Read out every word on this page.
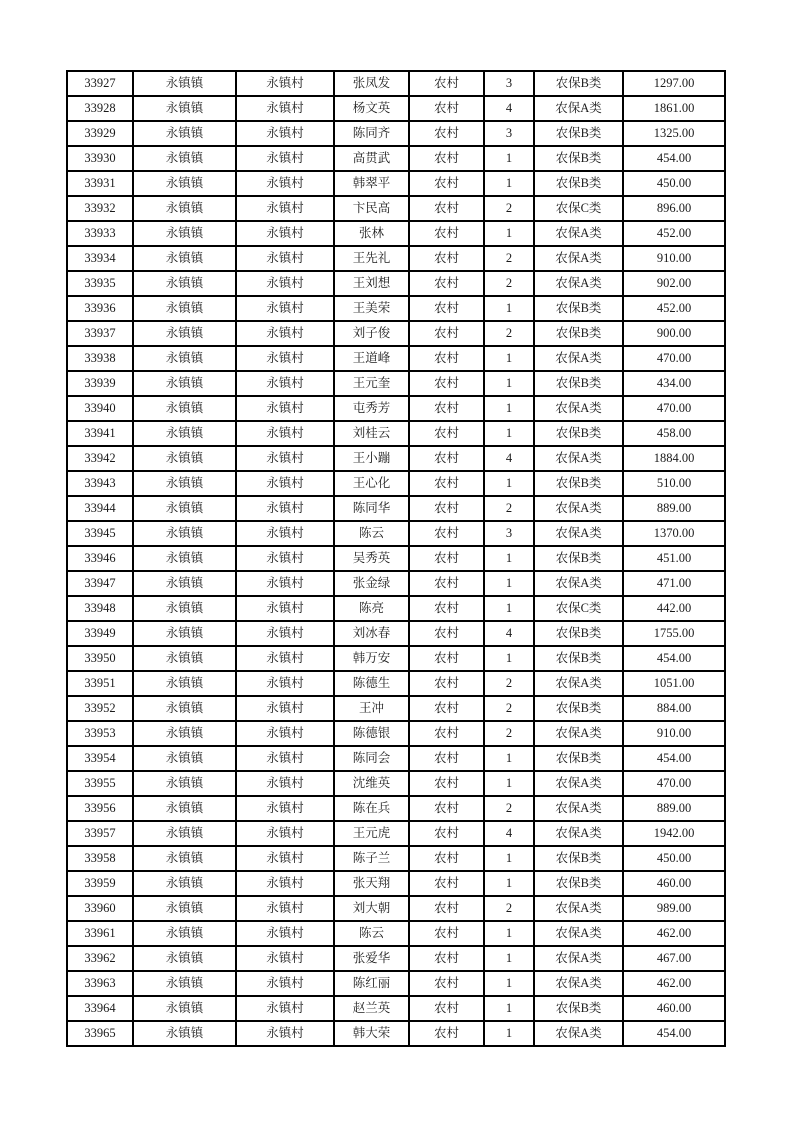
33927	永镇镇	永镇村	张凤发	农村	3	农保B类	1297.00
33928	永镇镇	永镇村	杨文英	农村	4	农保A类	1861.00
33929	永镇镇	永镇村	陈同齐	农村	3	农保B类	1325.00
33930	永镇镇	永镇村	高贯武	农村	1	农保B类	454.00
33931	永镇镇	永镇村	韩翠平	农村	1	农保B类	450.00
33932	永镇镇	永镇村	卞民高	农村	2	农保C类	896.00
33933	永镇镇	永镇村	张林	农村	1	农保A类	452.00
33934	永镇镇	永镇村	王先礼	农村	2	农保A类	910.00
33935	永镇镇	永镇村	王刘想	农村	2	农保A类	902.00
33936	永镇镇	永镇村	王美荣	农村	1	农保B类	452.00
33937	永镇镇	永镇村	刘子俊	农村	2	农保B类	900.00
33938	永镇镇	永镇村	王道峰	农村	1	农保A类	470.00
33939	永镇镇	永镇村	王元奎	农村	1	农保B类	434.00
33940	永镇镇	永镇村	屯秀芳	农村	1	农保A类	470.00
33941	永镇镇	永镇村	刘桂云	农村	1	农保B类	458.00
33942	永镇镇	永镇村	王小蹦	农村	4	农保A类	1884.00
33943	永镇镇	永镇村	王心化	农村	1	农保B类	510.00
33944	永镇镇	永镇村	陈同华	农村	2	农保A类	889.00
33945	永镇镇	永镇村	陈云	农村	3	农保A类	1370.00
33946	永镇镇	永镇村	吴秀英	农村	1	农保B类	451.00
33947	永镇镇	永镇村	张金绿	农村	1	农保A类	471.00
33948	永镇镇	永镇村	陈亮	农村	1	农保C类	442.00
33949	永镇镇	永镇村	刘冰春	农村	4	农保B类	1755.00
33950	永镇镇	永镇村	韩万安	农村	1	农保B类	454.00
33951	永镇镇	永镇村	陈德生	农村	2	农保A类	1051.00
33952	永镇镇	永镇村	王冲	农村	2	农保B类	884.00
33953	永镇镇	永镇村	陈德银	农村	2	农保A类	910.00
33954	永镇镇	永镇村	陈同会	农村	1	农保B类	454.00
33955	永镇镇	永镇村	沈维英	农村	1	农保A类	470.00
33956	永镇镇	永镇村	陈在兵	农村	2	农保A类	889.00
33957	永镇镇	永镇村	王元虎	农村	4	农保A类	1942.00
33958	永镇镇	永镇村	陈子兰	农村	1	农保B类	450.00
33959	永镇镇	永镇村	张天翔	农村	1	农保B类	460.00
33960	永镇镇	永镇村	刘大朝	农村	2	农保A类	989.00
33961	永镇镇	永镇村	陈云	农村	1	农保A类	462.00
33962	永镇镇	永镇村	张爱华	农村	1	农保A类	467.00
33963	永镇镇	永镇村	陈红丽	农村	1	农保A类	462.00
33964	永镇镇	永镇村	赵兰英	农村	1	农保B类	460.00
33965	永镇镇	永镇村	韩大荣	农村	1	农保A类	454.00
